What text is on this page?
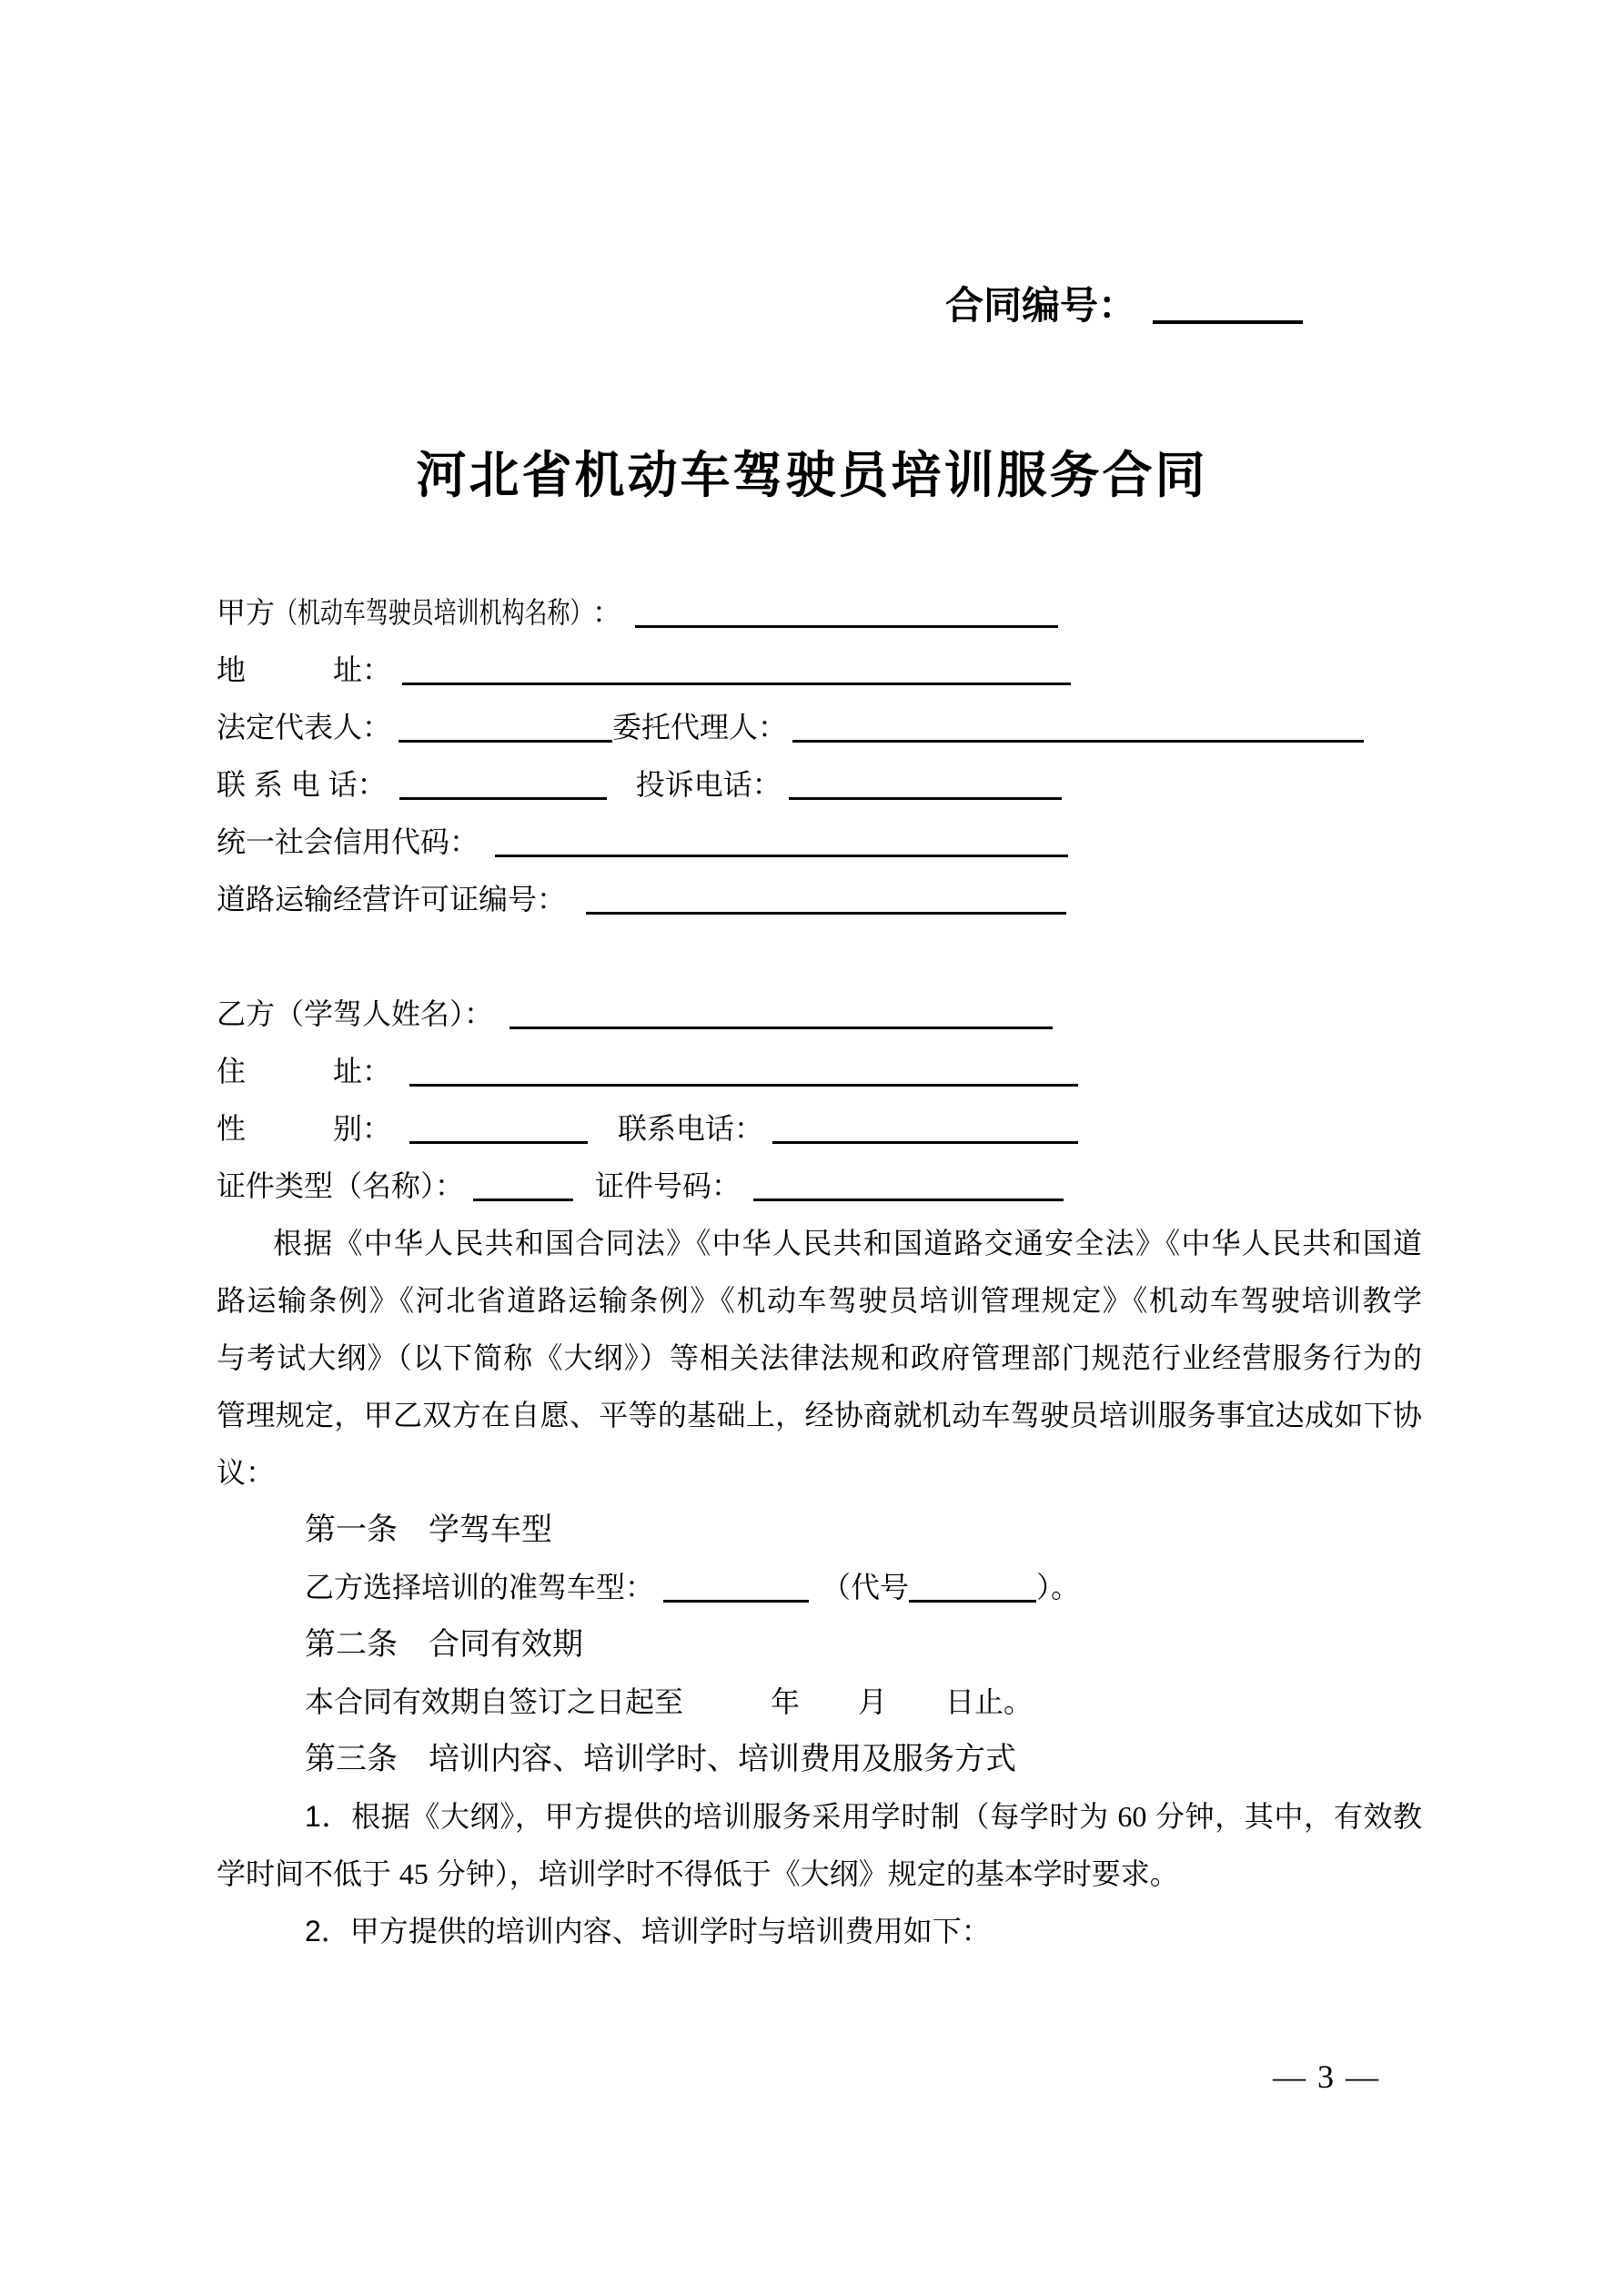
合同编号：
河北省机动车驾驶员培训服务合同
甲方（机动车驾驶员培训机构名称）：
地　　　址：
法定代表人：	委托代理人：
联 系 电 话：	投诉电话：
统一社会信用代码：
道路运输经营许可证编号：
乙方（学驾人姓名）：
住　　　址：
性　　　别：	联系电话：
证件类型（名称）：	证件号码：
根据《中华人民共和国合同法》《中华人民共和国道路交通安全法》《中华人民共和国道
路运输条例》《河北省道路运输条例》《机动车驾驶员培训管理规定》《机动车驾驶培训教学
与考试大纲》（以下简称《大纲》）等相关法律法规和政府管理部门规范行业经营服务行为的
管理规定，甲乙双方在自愿、平等的基础上，经协商就机动车驾驶员培训服务事宜达成如下协
议：
第一条　学驾车型
乙方选择培训的准驾车型：	（代号	）。
第二条　合同有效期
本合同有效期自签订之日起至　　　年　　月　　日止。
第三条　培训内容、培训学时、培训费用及服务方式
1．根据《大纲》，甲方提供的培训服务采用学时制（每学时为 60 分钟，其中，有效教
学时间不低于 45 分钟），培训学时不得低于《大纲》规定的基本学时要求。
2．甲方提供的培训内容、培训学时与培训费用如下：
— 3 —
